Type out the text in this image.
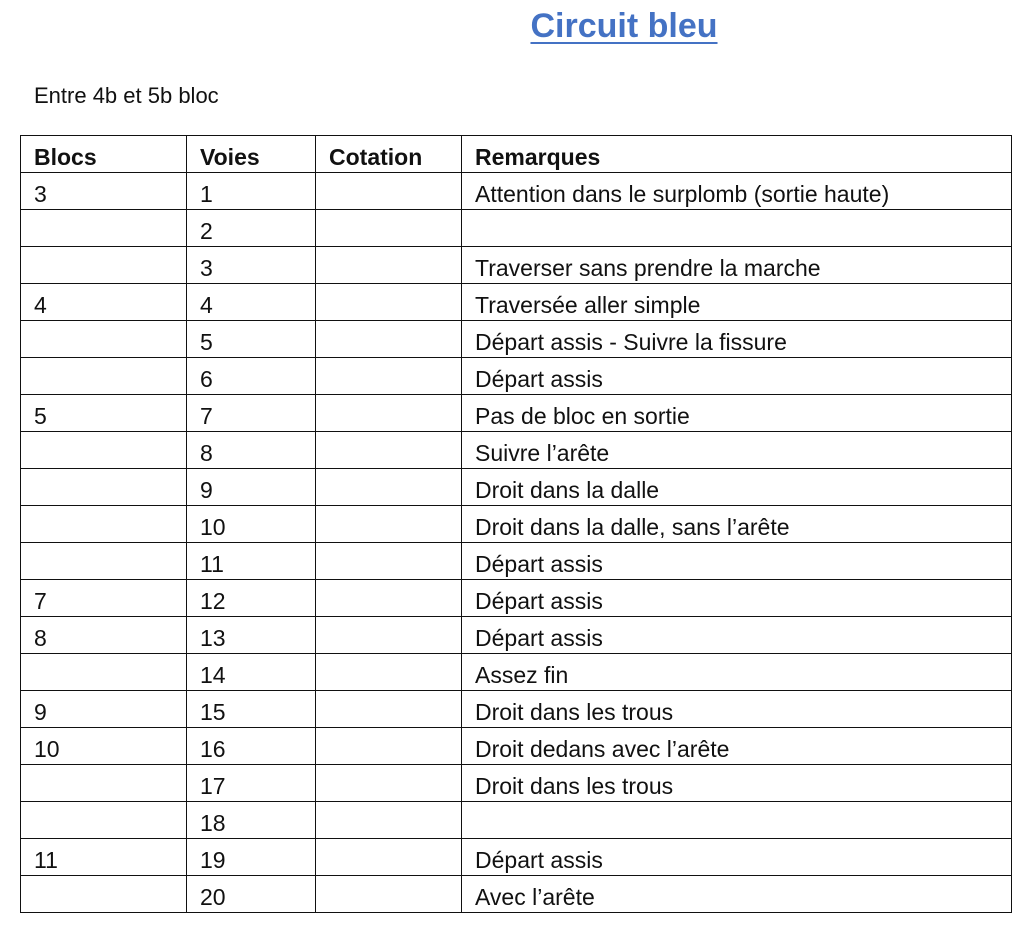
Circuit bleu

Entre 4b et 5b bloc

Blocs	Voies	Cotation	Remarques
3	1		Attention dans le surplomb (sortie haute)
	2		
	3		Traverser sans prendre la marche
4	4		Traversée aller simple
	5		Départ assis - Suivre la fissure
	6		Départ assis
5	7		Pas de bloc en sortie
	8		Suivre l’arête
	9		Droit dans la dalle
	10		Droit dans la dalle, sans l’arête
	11		Départ assis
7	12		Départ assis
8	13		Départ assis
	14		Assez fin
9	15		Droit dans les trous
10	16		Droit dedans avec l’arête
	17		Droit dans les trous
	18		
11	19		Départ assis
	20		Avec l’arête
